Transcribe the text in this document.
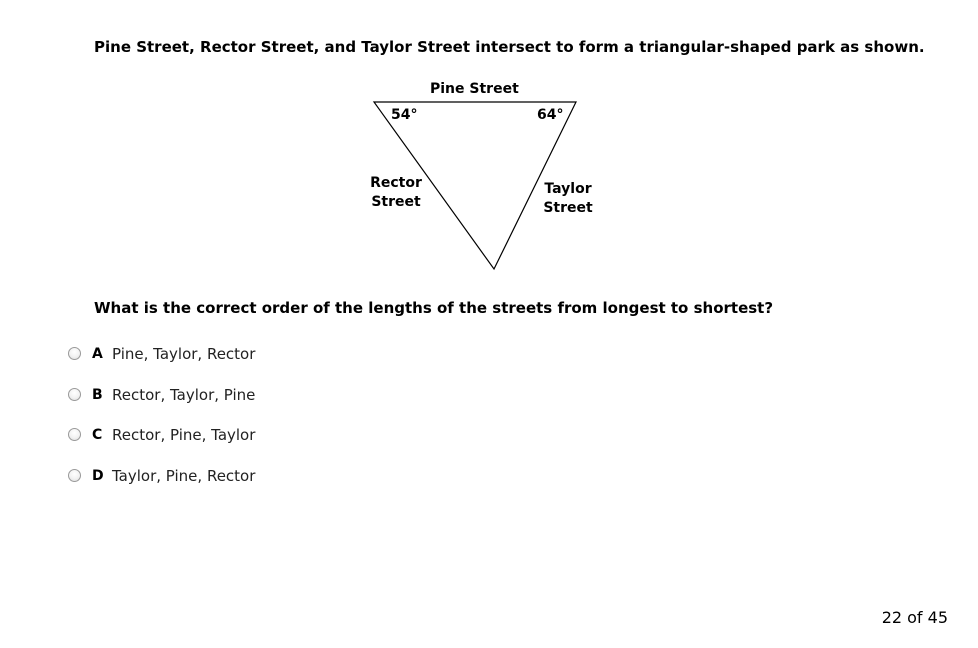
Pine Street, Rector Street, and Taylor Street intersect to form a triangular-shaped park as shown.
Pine Street
54°	64°
Rector
Street
Taylor
Street
What is the correct order of the lengths of the streets from longest to shortest?
A Pine, Taylor, Rector
B Rector, Taylor, Pine
C Rector, Pine, Taylor
D Taylor, Pine, Rector
22 of 45
